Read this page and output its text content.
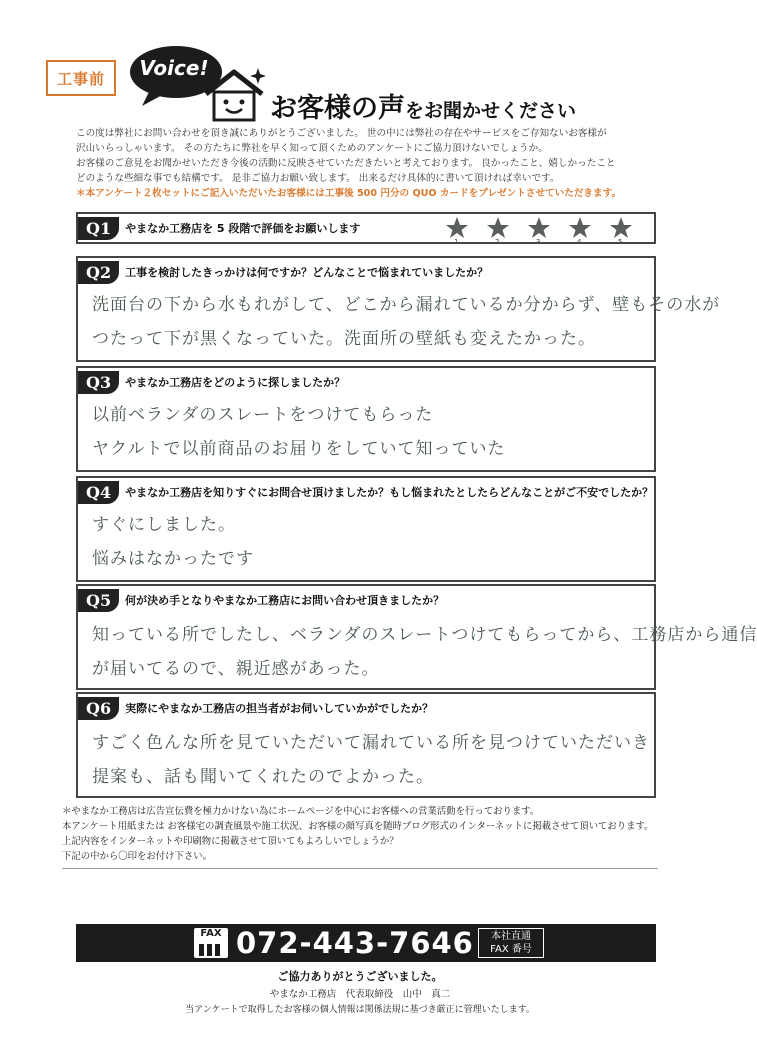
工事前	Voice!
お客様の声をお聞かせください

この度は弊社にお問い合わせを頂き誠にありがとうございました。 世の中には弊社の存在やサービスをご存知ないお客様が

沢山いらっしゃいます。 その方たちに弊社を早く知って頂くためのアンケートにご協力頂けないでしょうか。

お客様のご意見をお聞かせいただき今後の活動に反映させていただきたいと考えております。 良かったこと、嬉しかったこと

どのような些細な事でも結構です。 是非ご協力お願い致します。 出来るだけ具体的に書いて頂ければ幸いです。

＊本アンケート２枚セットにご記入いただいたお客様には工事後 500 円分の QUO カードをプレゼントさせていただきます。

Q1	やまなか工務店を 5 段階で評価をお願いします
1	2	3	4	5
Q2	工事を検討したきっかけは何ですか？どんなことで悩まれていましたか？
洗面台の下から水もれがして、どこから漏れているか分からず、壁もその水が
つたって下が黒くなっていた。洗面所の壁紙も変えたかった。
Q3	やまなか工務店をどのように探しましたか？
以前ベランダのスレートをつけてもらった
ヤクルトで以前商品のお届りをしていて知っていた
Q4	やまなか工務店を知りすぐにお問合せ頂けましたか？もし悩まれたとしたらどんなことがご不安でしたか？
すぐにしました。
悩みはなかったです
Q5	何が決め手となりやまなか工務店にお問い合わせ頂きましたか？
知っている所でしたし、ベランダのスレートつけてもらってから、工務店から通信
が届いてるので、親近感があった。
Q6	実際にやまなか工務店の担当者がお伺いしていかがでしたか？
すごく色んな所を見ていただいて漏れている所を見つけていただいき
提案も、話も聞いてくれたのでよかった。

＊やまなか工務店は広告宣伝費を極力かけない為にホームページを中心にお客様への営業活動を行っております。

本アンケート用紙または お客様宅の調査風景や施工状況、お客様の顔写真を随時ブログ形式のインターネットに掲載させて頂いております。

上記内容をインターネットや印刷物に掲載させて頂いてもよろしいでしょうか？

下記の中から〇印をお付け下さい。

FAX 072-443-7646	本社直通
FAX 番号
ご協力ありがとうございました。
やまなか工務店　代表取締役　山中　真二
当アンケートで取得したお客様の個人情報は関係法規に基づき厳正に管理いたします。
